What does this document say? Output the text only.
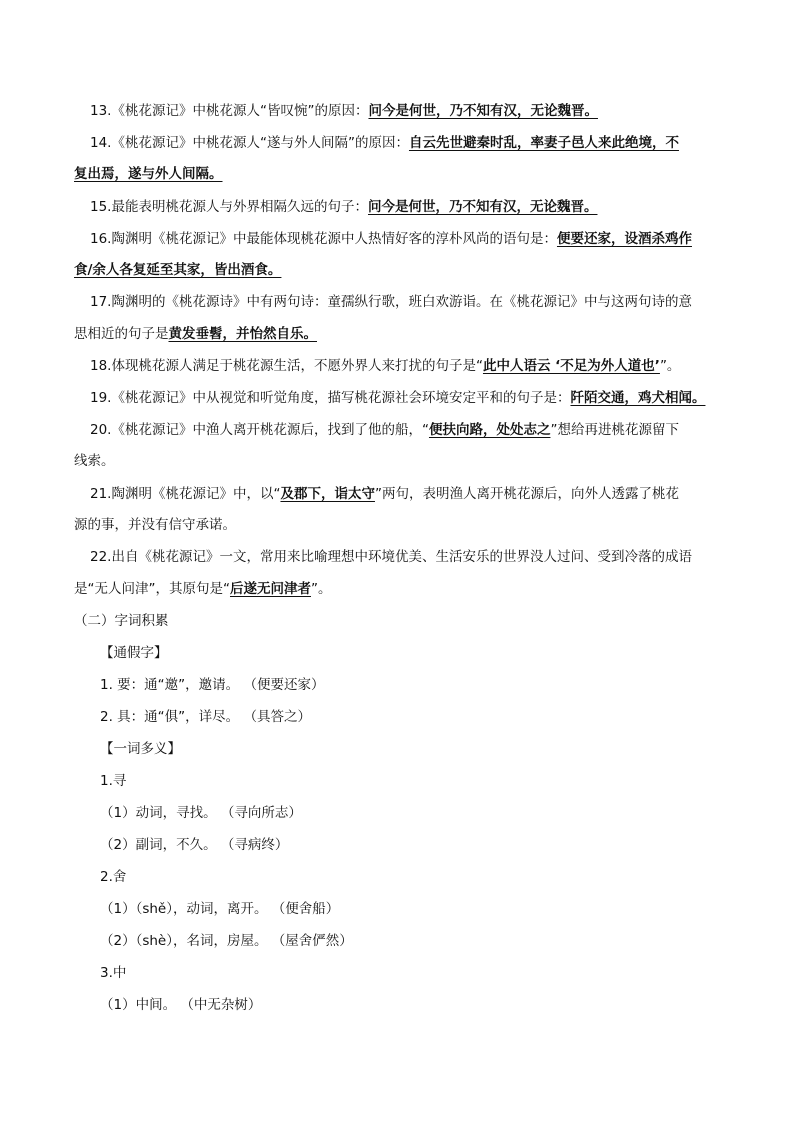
13.《桃花源记》中桃花源人“皆叹惋”的原因：问今是何世，乃不知有汉，无论魏晋。
14.《桃花源记》中桃花源人“遂与外人间隔”的原因：自云先世避秦时乱，率妻子邑人来此绝境，不
复出焉，遂与外人间隔。
15.最能表明桃花源人与外界相隔久远的句子：问今是何世，乃不知有汉，无论魏晋。
16.陶渊明《桃花源记》中最能体现桃花源中人热情好客的淳朴风尚的语句是：便要还家，设酒杀鸡作
食/余人各复延至其家，皆出酒食。
17.陶渊明的《桃花源诗》中有两句诗：童孺纵行歌，班白欢游诣。在《桃花源记》中与这两句诗的意
思相近的句子是黄发垂髫，并怡然自乐。
18.体现桃花源人满足于桃花源生活，不愿外界人来打扰的句子是“此中人语云 ‘不足为外人道也’”。
19.《桃花源记》中从视觉和听觉角度，描写桃花源社会环境安定平和的句子是：阡陌交通，鸡犬相闻。
20.《桃花源记》中渔人离开桃花源后，找到了他的船，“便扶向路，处处志之”想给再进桃花源留下
线索。
21.陶渊明《桃花源记》中，以“及郡下，诣太守”两句，表明渔人离开桃花源后，向外人透露了桃花
源的事，并没有信守承诺。
22.出自《桃花源记》一文，常用来比喻理想中环境优美、生活安乐的世界没人过问、受到冷落的成语
是“无人问津”，其原句是“后遂无问津者”。
（二）字词积累
【通假字】
1. 要：通“邀”，邀请。 （便要还家）
2. 具：通“俱”，详尽。 （具答之）
【一词多义】
1.寻
（1）动词，寻找。 （寻向所志）
（2）副词，不久。 （寻病终）
2.舍
（1）（shě），动词，离开。 （便舍船）
（2）（shè），名词，房屋。 （屋舍俨然）
3.中
（1）中间。 （中无杂树）
